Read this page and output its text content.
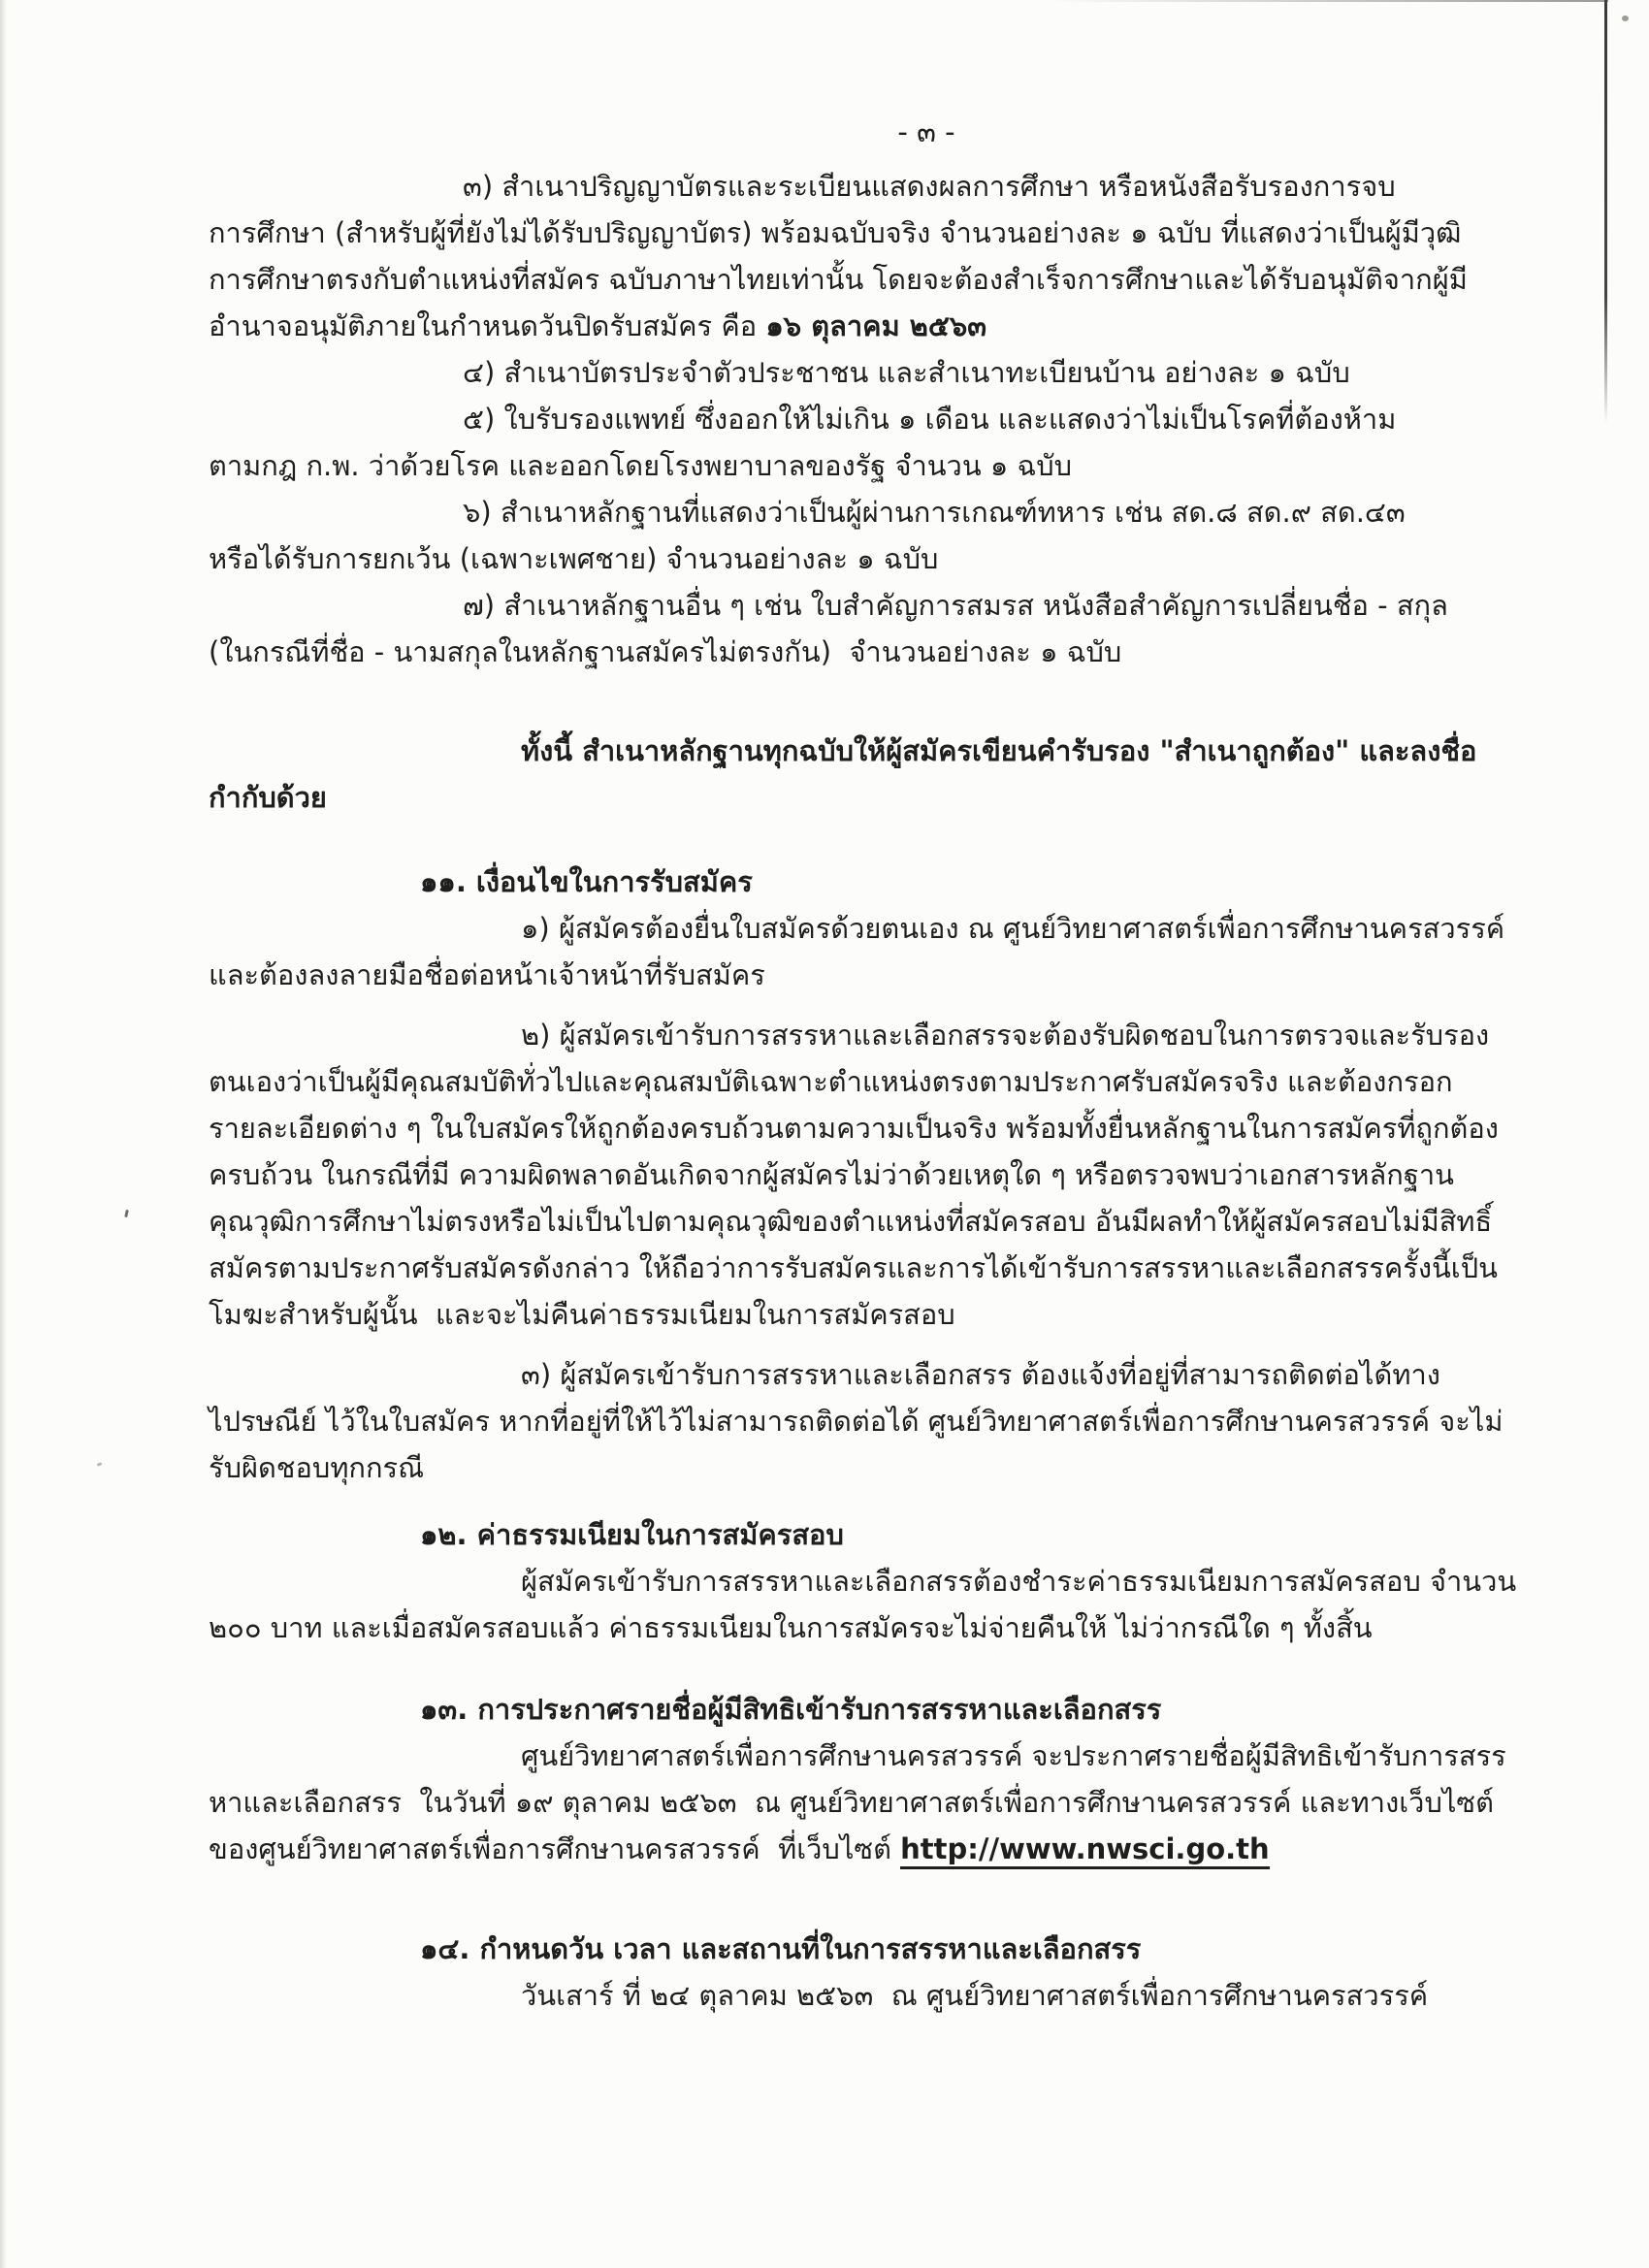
- ๓ -
๓) สำเนาปริญญาบัตรและระเบียนแสดงผลการศึกษา หรือหนังสือรับรองการจบ
การศึกษา (สำหรับผู้ที่ยังไม่ได้รับปริญญาบัตร) พร้อมฉบับจริง จำนวนอย่างละ ๑ ฉบับ ที่แสดงว่าเป็นผู้มีวุฒิ
การศึกษาตรงกับตำแหน่งที่สมัคร ฉบับภาษาไทยเท่านั้น โดยจะต้องสำเร็จการศึกษาและได้รับอนุมัติจากผู้มี
อำนาจอนุมัติภายในกำหนดวันปิดรับสมัคร คือ ๑๖ ตุลาคม ๒๕๖๓
๔) สำเนาบัตรประจำตัวประชาชน และสำเนาทะเบียนบ้าน อย่างละ ๑ ฉบับ
๕) ใบรับรองแพทย์ ซึ่งออกให้ไม่เกิน ๑ เดือน และแสดงว่าไม่เป็นโรคที่ต้องห้าม
ตามกฎ ก.พ. ว่าด้วยโรค และออกโดยโรงพยาบาลของรัฐ จำนวน ๑ ฉบับ
๖) สำเนาหลักฐานที่แสดงว่าเป็นผู้ผ่านการเกณฑ์ทหาร เช่น สด.๘ สด.๙ สด.๔๓
หรือได้รับการยกเว้น (เฉพาะเพศชาย) จำนวนอย่างละ ๑ ฉบับ
๗) สำเนาหลักฐานอื่น ๆ เช่น ใบสำคัญการสมรส หนังสือสำคัญการเปลี่ยนชื่อ - สกุล
(ในกรณีที่ชื่อ - นามสกุลในหลักฐานสมัครไม่ตรงกัน)  จำนวนอย่างละ ๑ ฉบับ
ทั้งนี้ สำเนาหลักฐานทุกฉบับให้ผู้สมัครเขียนคำรับรอง "สำเนาถูกต้อง" และลงชื่อ
กำกับด้วย
๑๑. เงื่อนไขในการรับสมัคร
๑) ผู้สมัครต้องยื่นใบสมัครด้วยตนเอง ณ ศูนย์วิทยาศาสตร์เพื่อการศึกษานครสวรรค์
และต้องลงลายมือชื่อต่อหน้าเจ้าหน้าที่รับสมัคร
๒) ผู้สมัครเข้ารับการสรรหาและเลือกสรรจะต้องรับผิดชอบในการตรวจและรับรอง
ตนเองว่าเป็นผู้มีคุณสมบัติทั่วไปและคุณสมบัติเฉพาะตำแหน่งตรงตามประกาศรับสมัครจริง และต้องกรอก
รายละเอียดต่าง ๆ ในใบสมัครให้ถูกต้องครบถ้วนตามความเป็นจริง พร้อมทั้งยื่นหลักฐานในการสมัครที่ถูกต้อง
ครบถ้วน ในกรณีที่มี ความผิดพลาดอันเกิดจากผู้สมัครไม่ว่าด้วยเหตุใด ๆ หรือตรวจพบว่าเอกสารหลักฐาน
คุณวุฒิการศึกษาไม่ตรงหรือไม่เป็นไปตามคุณวุฒิของตำแหน่งที่สมัครสอบ อันมีผลทำให้ผู้สมัครสอบไม่มีสิทธิ์
สมัครตามประกาศรับสมัครดังกล่าว ให้ถือว่าการรับสมัครและการได้เข้ารับการสรรหาและเลือกสรรครั้งนี้เป็น
โมฆะสำหรับผู้นั้น  และจะไม่คืนค่าธรรมเนียมในการสมัครสอบ
๓) ผู้สมัครเข้ารับการสรรหาและเลือกสรร ต้องแจ้งที่อยู่ที่สามารถติดต่อได้ทาง
ไปรษณีย์ ไว้ในใบสมัคร หากที่อยู่ที่ให้ไว้ไม่สามารถติดต่อได้ ศูนย์วิทยาศาสตร์เพื่อการศึกษานครสวรรค์ จะไม่
รับผิดชอบทุกกรณี
๑๒. ค่าธรรมเนียมในการสมัครสอบ
ผู้สมัครเข้ารับการสรรหาและเลือกสรรต้องชำระค่าธรรมเนียมการสมัครสอบ จำนวน
๒๐๐ บาท และเมื่อสมัครสอบแล้ว ค่าธรรมเนียมในการสมัครจะไม่จ่ายคืนให้ ไม่ว่ากรณีใด ๆ ทั้งสิ้น
๑๓. การประกาศรายชื่อผู้มีสิทธิเข้ารับการสรรหาและเลือกสรร
ศูนย์วิทยาศาสตร์เพื่อการศึกษานครสวรรค์ จะประกาศรายชื่อผู้มีสิทธิเข้ารับการสรร
หาและเลือกสรร  ในวันที่ ๑๙ ตุลาคม ๒๕๖๓  ณ ศูนย์วิทยาศาสตร์เพื่อการศึกษานครสวรรค์ และทางเว็บไซต์
ของศูนย์วิทยาศาสตร์เพื่อการศึกษานครสวรรค์  ที่เว็บไซต์ http://www.nwsci.go.th
๑๔. กำหนดวัน เวลา และสถานที่ในการสรรหาและเลือกสรร
วันเสาร์ ที่ ๒๔ ตุลาคม ๒๕๖๓  ณ ศูนย์วิทยาศาสตร์เพื่อการศึกษานครสวรรค์
